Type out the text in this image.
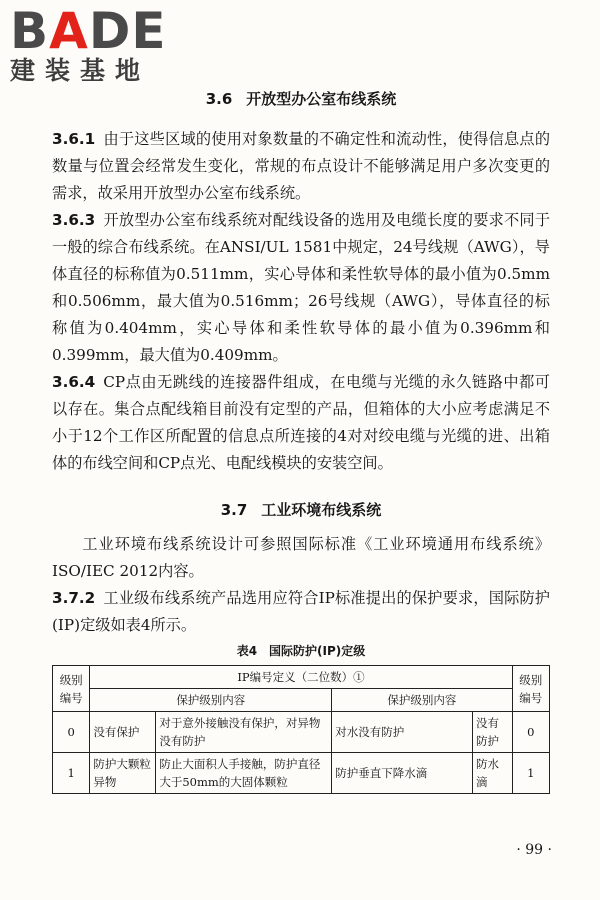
BADE
建装基地
3.6 开放型办公室布线系统

3.6.1 由于这些区域的使用对象数量的不确定性和流动性，使得信息点的数量与位置会经常发生变化，常规的布点设计不能够满足用户多次变更的需求，故采用开放型办公室布线系统。

3.6.3 开放型办公室布线系统对配线设备的选用及电缆长度的要求不同于一般的综合布线系统。在ANSI/UL 1581中规定，24号线规（AWG），导体直径的标称值为0.511mm，实心导体和柔性软导体的最小值为0.5mm和0.506mm，最大值为0.516mm；26号线规（AWG），导体直径的标称值为0.404mm，实心导体和柔性软导体的最小值为0.396mm和0.399mm，最大值为0.409mm。

3.6.4 CP点由无跳线的连接器件组成，在电缆与光缆的永久链路中都可以存在。集合点配线箱目前没有定型的产品，但箱体的大小应考虑满足不小于12个工作区所配置的信息点所连接的4对对绞电缆与光缆的进、出箱体的布线空间和CP点光、电配线模块的安装空间。

3.7 工业环境布线系统

工业环境布线系统设计可参照国际标准《工业环境通用布线系统》ISO/IEC 2012内容。

3.7.2 工业级布线系统产品选用应符合IP标准提出的保护要求，国际防护(IP)定级如表4所示。

表4　国际防护(IP)定级
级别编号	IP编号定义（二位数）①				级别编号
	保护级别内容		保护级别内容		
0	没有保护	对于意外接触没有保护，对异物没有防护	对水没有防护	没有防护	0
1	防护大颗粒异物	防止大面积人手接触，防护直径大于50mm的大固体颗粒	防护垂直下降水滴	防水滴	1
· 99 ·
